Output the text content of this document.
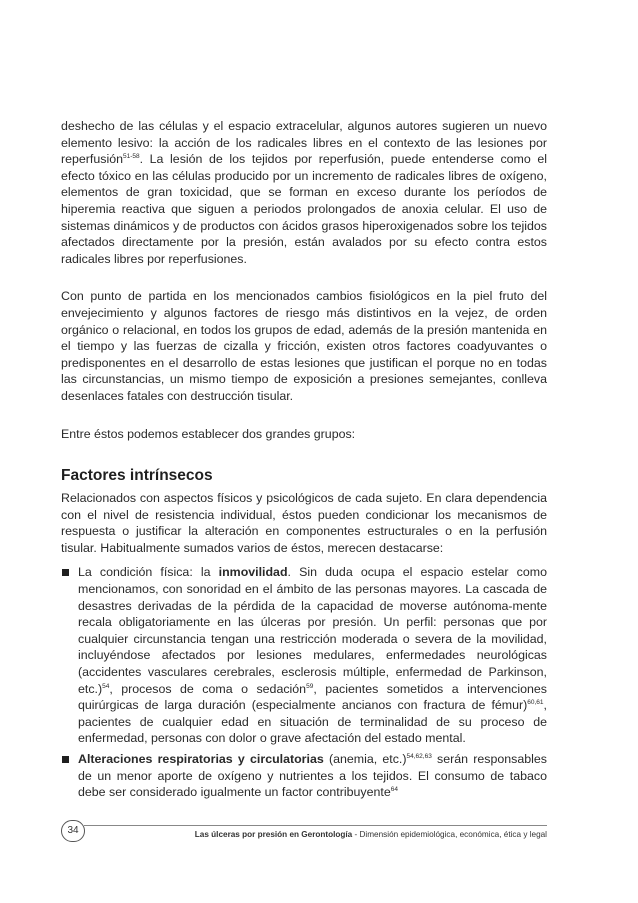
deshecho de las células y el espacio extracelular, algunos autores sugieren un nuevo elemento lesivo: la acción de los radicales libres en el contexto de las lesiones por reperfusión$^{51-58}$. La lesión de los tejidos por reperfusión, puede entenderse como el efecto tóxico en las células producido por un incremento de radicales libres de oxígeno, elementos de gran toxicidad, que se forman en exceso durante los períodos de hiperemia reactiva que siguen a periodos prolongados de anoxia celular. El uso de sistemas dinámicos y de productos con ácidos grasos hiperoxigenados sobre los tejidos afectados directamente por la presión, están avalados por su efecto contra estos radicales libres por reperfusiones.

Con punto de partida en los mencionados cambios fisiológicos en la piel fruto del envejecimiento y algunos factores de riesgo más distintivos en la vejez, de orden orgánico o relacional, en todos los grupos de edad, además de la presión mantenida en el tiempo y las fuerzas de cizalla y fricción, existen otros factores coadyuvantes o predisponentes en el desarrollo de estas lesiones que justifican el porque no en todas las circunstancias, un mismo tiempo de exposición a presiones semejantes, conlleva desenlaces fatales con destrucción tisular.

Entre éstos podemos establecer dos grandes grupos:

Factores intrínsecos

Relacionados con aspectos físicos y psicológicos de cada sujeto. En clara dependencia con el nivel de resistencia individual, éstos pueden condicionar los mecanismos de respuesta o justificar la alteración en componentes estructurales o en la perfusión tisular. Habitualmente sumados varios de éstos, merecen destacarse:

La condición física: la inmovilidad. Sin duda ocupa el espacio estelar como mencionamos, con sonoridad en el ámbito de las personas mayores. La cascada de desastres derivadas de la pérdida de la capacidad de moverse autónoma-mente recala obligatoriamente en las úlceras por presión. Un perfil: personas que por cualquier circunstancia tengan una restricción moderada o severa de la movilidad, incluyéndose afectados por lesiones medulares, enfermedades neurológicas (accidentes vasculares cerebrales, esclerosis múltiple, enfermedad de Parkinson, etc.)$^{54}$, procesos de coma o sedación$^{59}$, pacientes sometidos a intervenciones quirúrgicas de larga duración (especialmente ancianos con fractura de fémur)$^{60,61}$, pacientes de cualquier edad en situación de terminalidad de su proceso de enfermedad, personas con dolor o grave afectación del estado mental.
Alteraciones respiratorias y circulatorias (anemia, etc.)$^{54,62,63}$ serán responsables de un menor aporte de oxígeno y nutrientes a los tejidos. El consumo de tabaco debe ser considerado igualmente un factor contribuyente$^{64}$
34	Las úlceras por presión en Gerontología - Dimensión epidemiológica, económica, ética y legal
